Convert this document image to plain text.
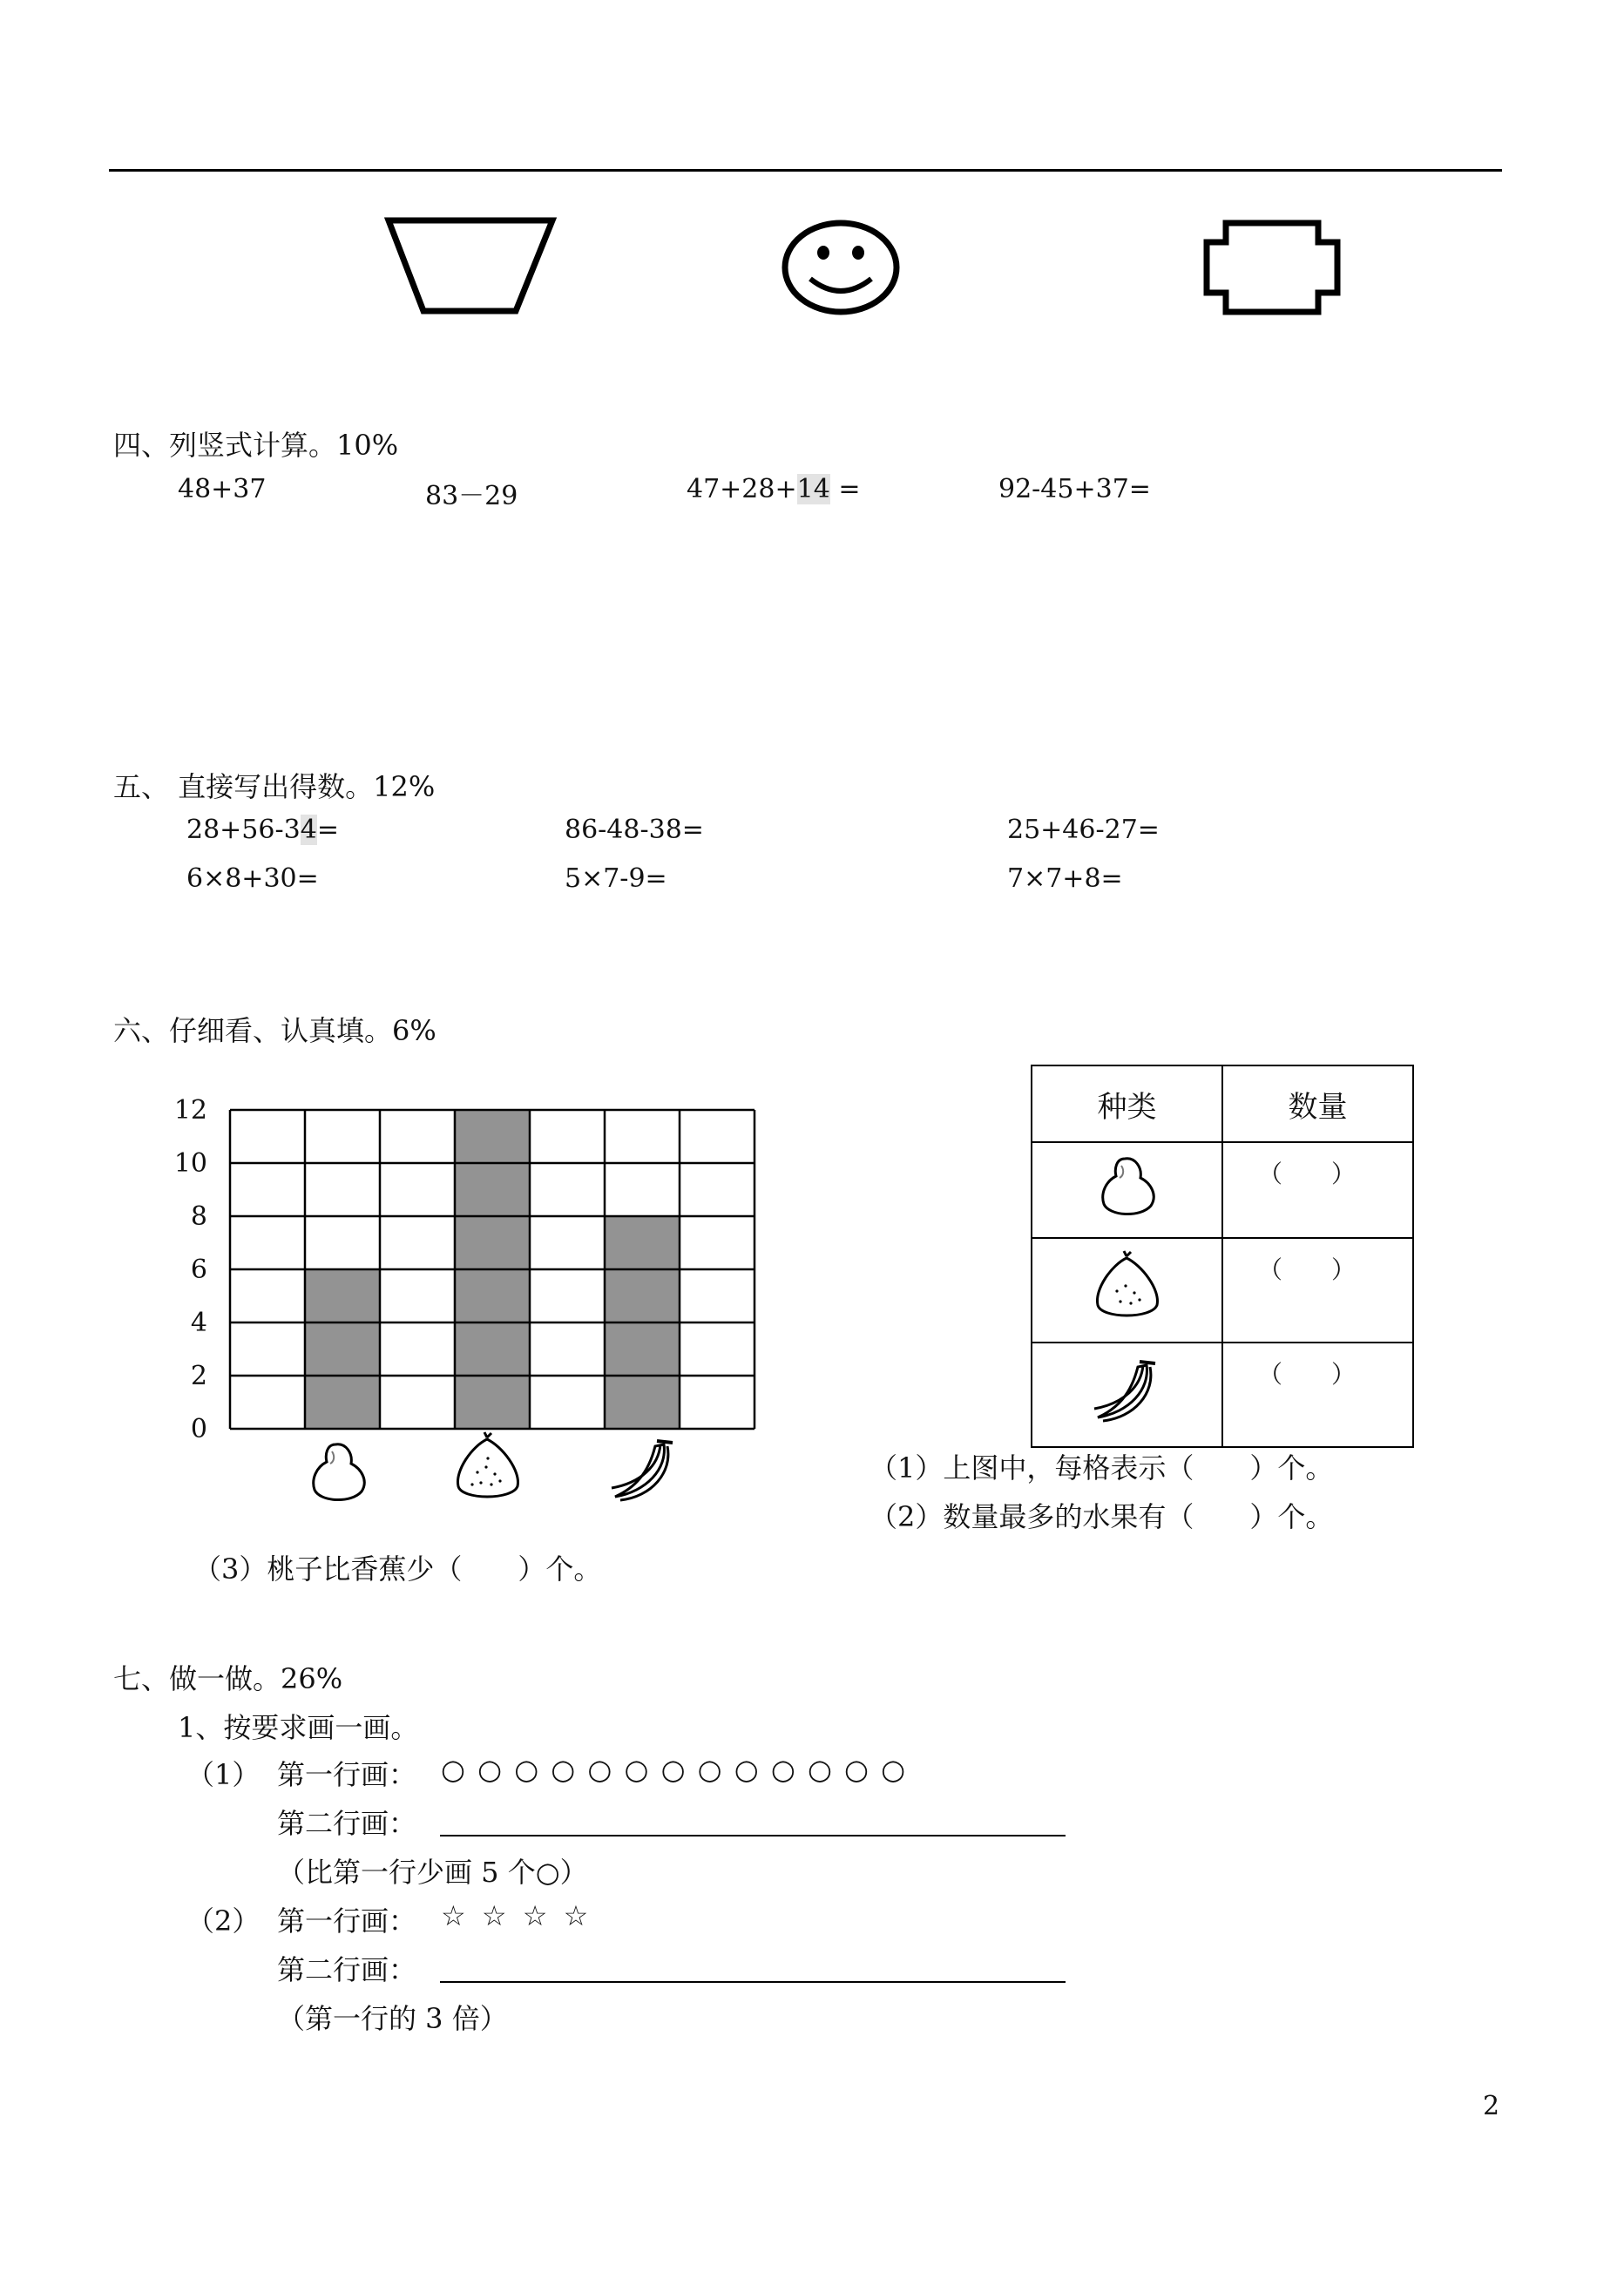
四、列竖式计算。10%
48+37	83－29	47+28+14 =	92-45+37=
五、 直接写出得数。12%
28+56-34=	86-48-38=	25+46-27=
6×8+30=	5×7-9=	7×7+8=
六、仔细看、认真填。6%
0
2
4
6
8
10
12	种类	数量
	（　　）
	（　　）
	（　　）
（1）上图中，每格表示（　　）个。
（2）数量最多的水果有（　　）个。
（3）桃子比香蕉少（　　）个。
七、做一做。26%
1、按要求画一画。
（1） 第一行画： ○ ○ ○ ○ ○ ○ ○ ○ ○ ○ ○ ○ ○
第二行画：
（比第一行少画 5 个○）
（2） 第一行画： ☆ ☆ ☆ ☆
第二行画：
（第一行的 3 倍）
2
